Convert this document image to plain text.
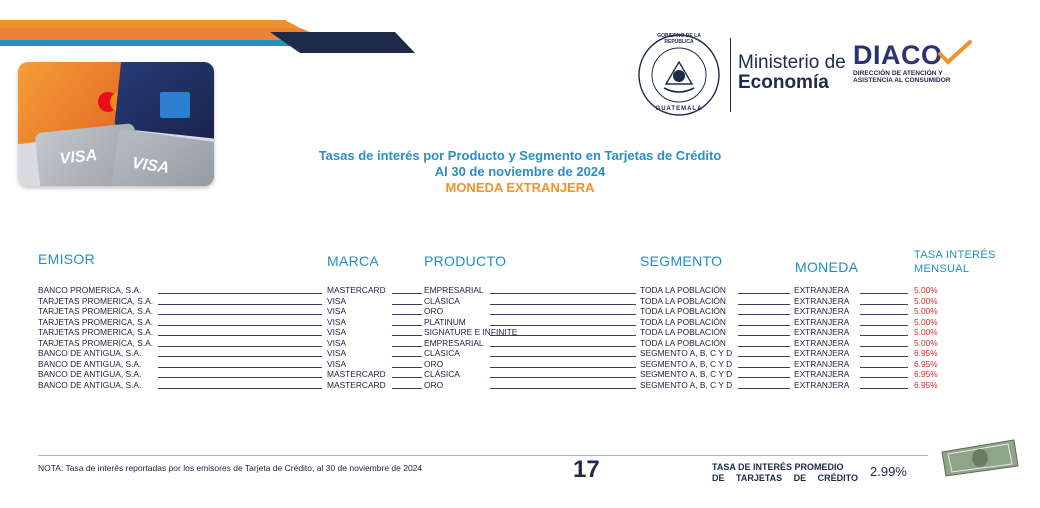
VISA VISA
GOBIERNO DE LA REPÚBLICA
GUATEMALA
Ministerio de
Economía
DIACO
DIRECCIÓN DE ATENCIÓN Y
ASISTENCIA AL CONSUMIDOR
Tasas de interés por Producto y Segmento en Tarjetas de Crédito
Al 30 de noviembre de 2024
MONEDA EXTRANJERA
EMISOR	MARCA	PRODUCTO	SEGMENTO	MONEDA
TASA INTERÉS
MENSUAL
BANCO PROMERICA, S.A.	MASTERCARD	EMPRESARIAL	TODA LA POBLACIÓN	EXTRANJERA	5.00%
TARJETAS PROMERICA, S.A.	VISA	CLÁSICA	TODA LA POBLACIÓN	EXTRANJERA	5.00%
TARJETAS PROMERICA, S.A.	VISA	ORO	TODA LA POBLACIÓN	EXTRANJERA	5.00%
TARJETAS PROMERICA, S.A.	VISA	PLATINUM	TODA LA POBLACIÓN	EXTRANJERA	5.00%
TARJETAS PROMERICA, S.A.	VISA	SIGNATURE E INFINITE	TODA LA POBLACIÓN	EXTRANJERA	5.00%
TARJETAS PROMERICA, S.A.	VISA	EMPRESARIAL	TODA LA POBLACIÓN	EXTRANJERA	5.00%
BANCO DE ANTIGUA, S.A.	VISA	CLÁSICA	SEGMENTO A, B, C Y D	EXTRANJERA	6.95%
BANCO DE ANTIGUA, S.A.	VISA	ORO	SEGMENTO A, B, C Y D	EXTRANJERA	6.95%
BANCO DE ANTIGUA, S.A.	MASTERCARD	CLÁSICA	SEGMENTO A, B, C Y D	EXTRANJERA	6.95%
BANCO DE ANTIGUA, S.A.	MASTERCARD	ORO	SEGMENTO A, B, C Y D	EXTRANJERA	6.95%
NOTA: Tasa de interés reportadas por los emisores de Tarjeta de Crédito, al 30 de noviembre de 2024	17	TASA DE INTERÉS PROMEDIO
DE TARJETAS DE CRÉDITO 2.99%
